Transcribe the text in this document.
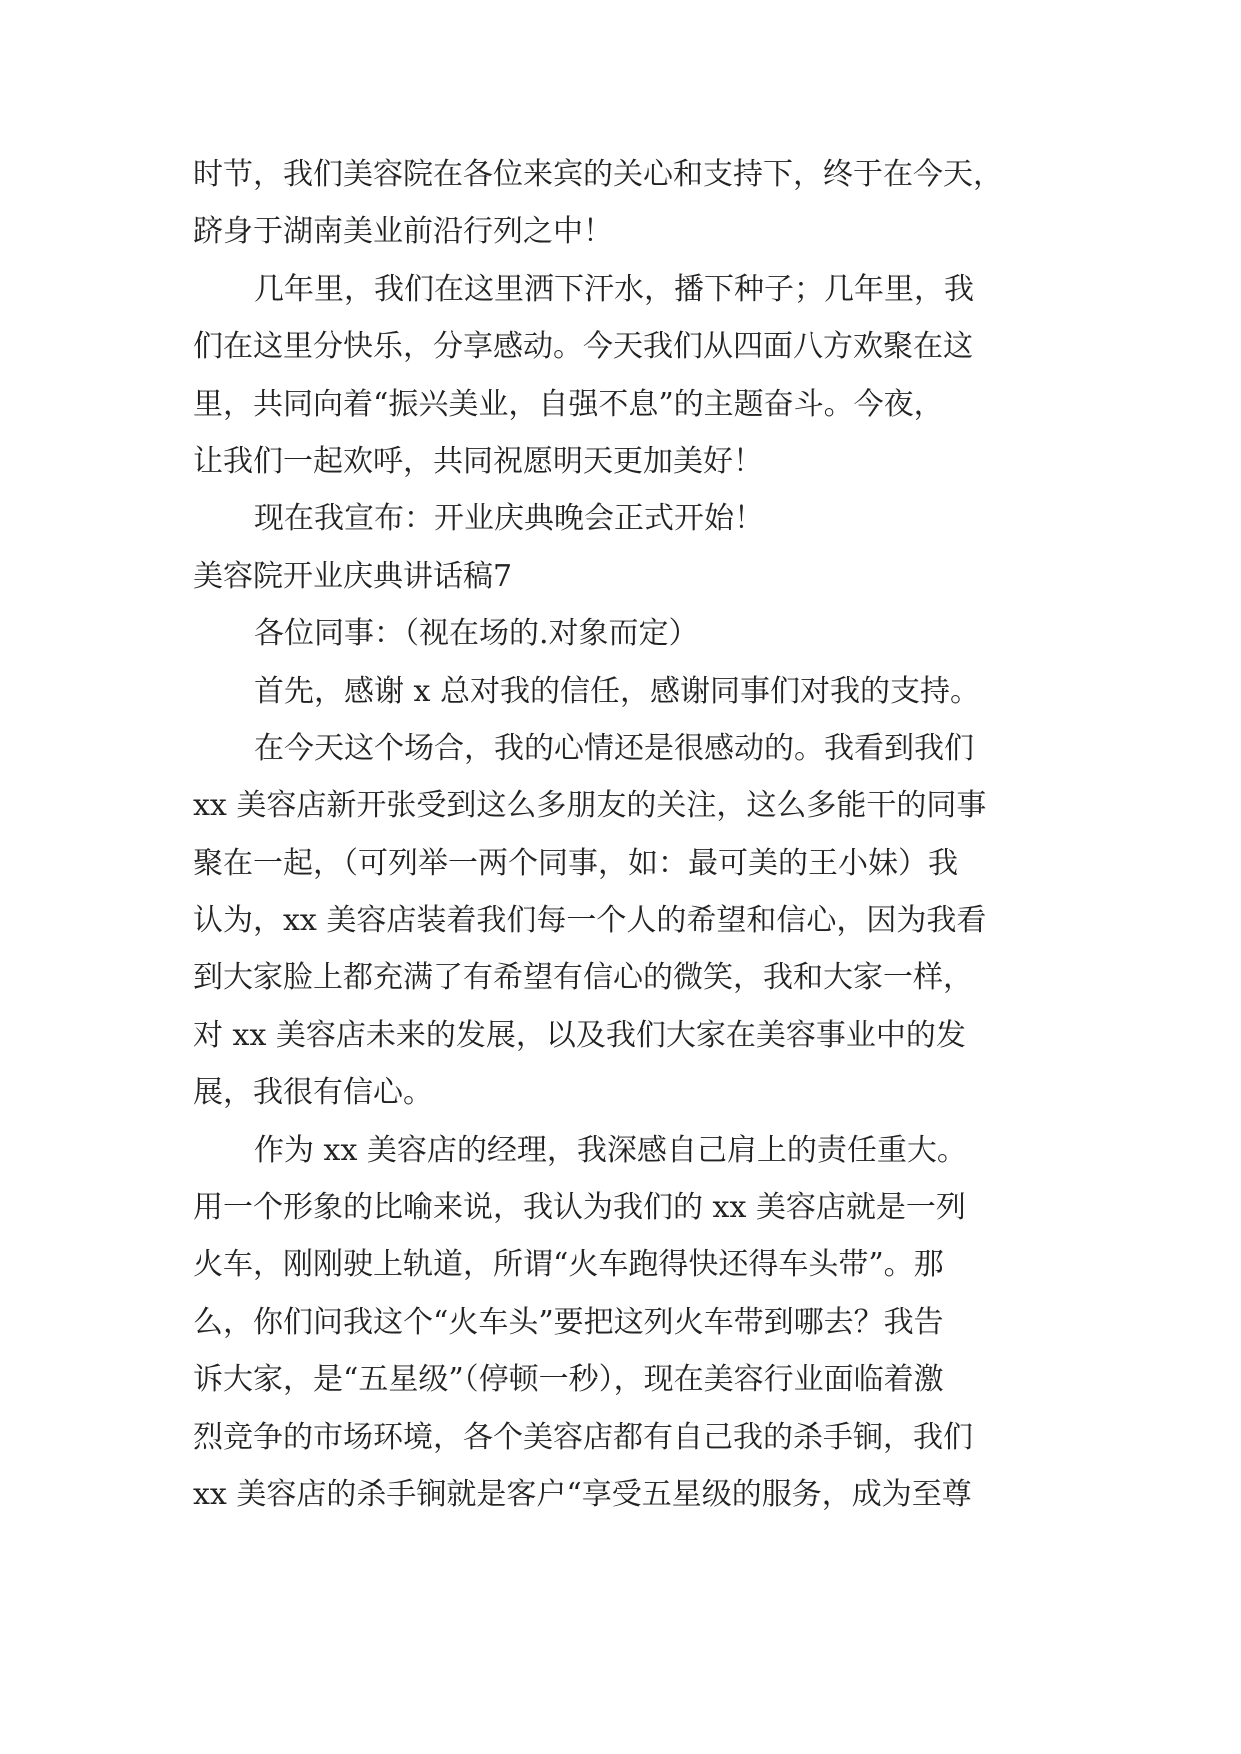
时节，我们美容院在各位来宾的关心和支持下，终于在今天，
跻身于湖南美业前沿行列之中！
几年里，我们在这里洒下汗水，播下种子；几年里，我
们在这里分快乐，分享感动。今天我们从四面八方欢聚在这
里，共同向着“振兴美业，自强不息”的主题奋斗。今夜，
让我们一起欢呼，共同祝愿明天更加美好！
现在我宣布：开业庆典晚会正式开始！
美容院开业庆典讲话稿7
各位同事：（视在场的.对象而定）
首先，感谢 x 总对我的信任，感谢同事们对我的支持。
在今天这个场合，我的心情还是很感动的。我看到我们
xx 美容店新开张受到这么多朋友的关注，这么多能干的同事
聚在一起，（可列举一两个同事，如：最可美的王小妹）我
认为，xx 美容店装着我们每一个人的希望和信心，因为我看
到大家脸上都充满了有希望有信心的微笑，我和大家一样，
对 xx 美容店未来的发展，以及我们大家在美容事业中的发
展，我很有信心。
作为 xx 美容店的经理，我深感自己肩上的责任重大。
用一个形象的比喻来说，我认为我们的 xx 美容店就是一列
火车，刚刚驶上轨道，所谓“火车跑得快还得车头带”。那
么，你们问我这个“火车头”要把这列火车带到哪去？我告
诉大家，是“五星级”（停顿一秒），现在美容行业面临着激
烈竞争的市场环境，各个美容店都有自己我的杀手锏，我们
xx 美容店的杀手锏就是客户“享受五星级的服务，成为至尊
